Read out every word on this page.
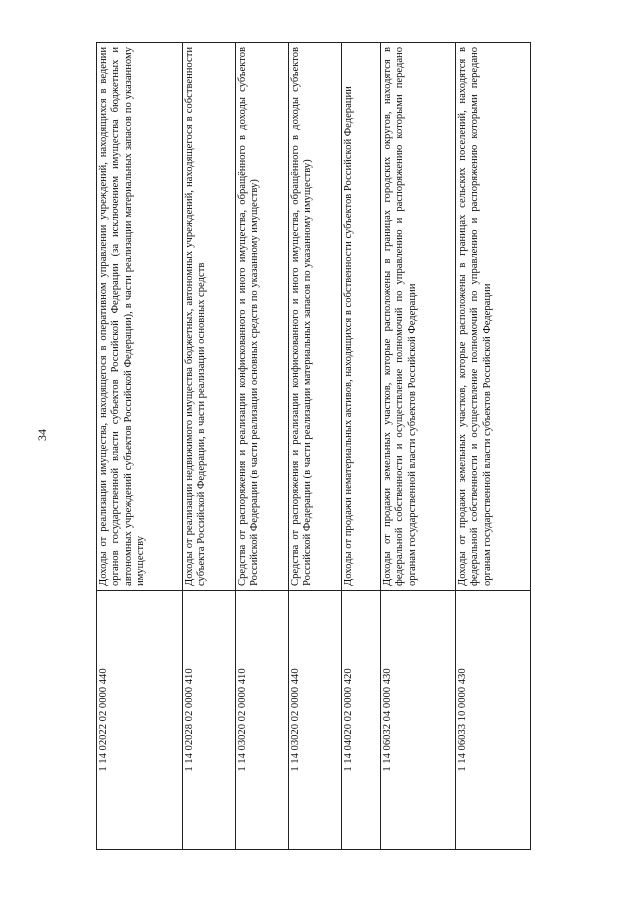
34
1 14 02022 02 0000 440	Доходы от реализации имущества, находящегося в оперативном управлении учреждений, находящихся в ведении органов государственной власти субъектов Российской Федерации (за исключением имущества бюджетных и автономных учреждений субъектов Российской Федерации), в части реализации материальных запасов по указанному имуществу
1 14 02028 02 0000 410	Доходы от реализации недвижимого имущества бюджетных, автономных учреждений, находящегося в собственности субъекта Российской Федерации, в части реализации основных средств
1 14 03020 02 0000 410	Средства от распоряжения и реализации конфискованного и иного имущества, обращённого в доходы субъектов Российской Федерации (в части реализации основных средств по указанному имуществу)
1 14 03020 02 0000 440	Средства от распоряжения и реализации конфискованного и иного имущества, обращённого в доходы субъектов Российской Федерации (в части реализации материальных запасов по указанному имуществу)
1 14 04020 02 0000 420	Доходы от продажи нематериальных активов, находящихся в собственности субъектов Российской Федерации
1 14 06032 04 0000 430	Доходы от продажи земельных участков, которые расположены в границах городских округов, находятся в федеральной собственности и осуществление полномочий по управлению и распоряжению которыми передано органам государственной власти субъектов Российской Федерации
1 14 06033 10 0000 430	Доходы от продажи земельных участков, которые расположены в границах сельских поселений, находятся в федеральной собственности и осуществление полномочий по управлению и распоряжению которыми передано органам государственной власти субъектов Российской Федерации
